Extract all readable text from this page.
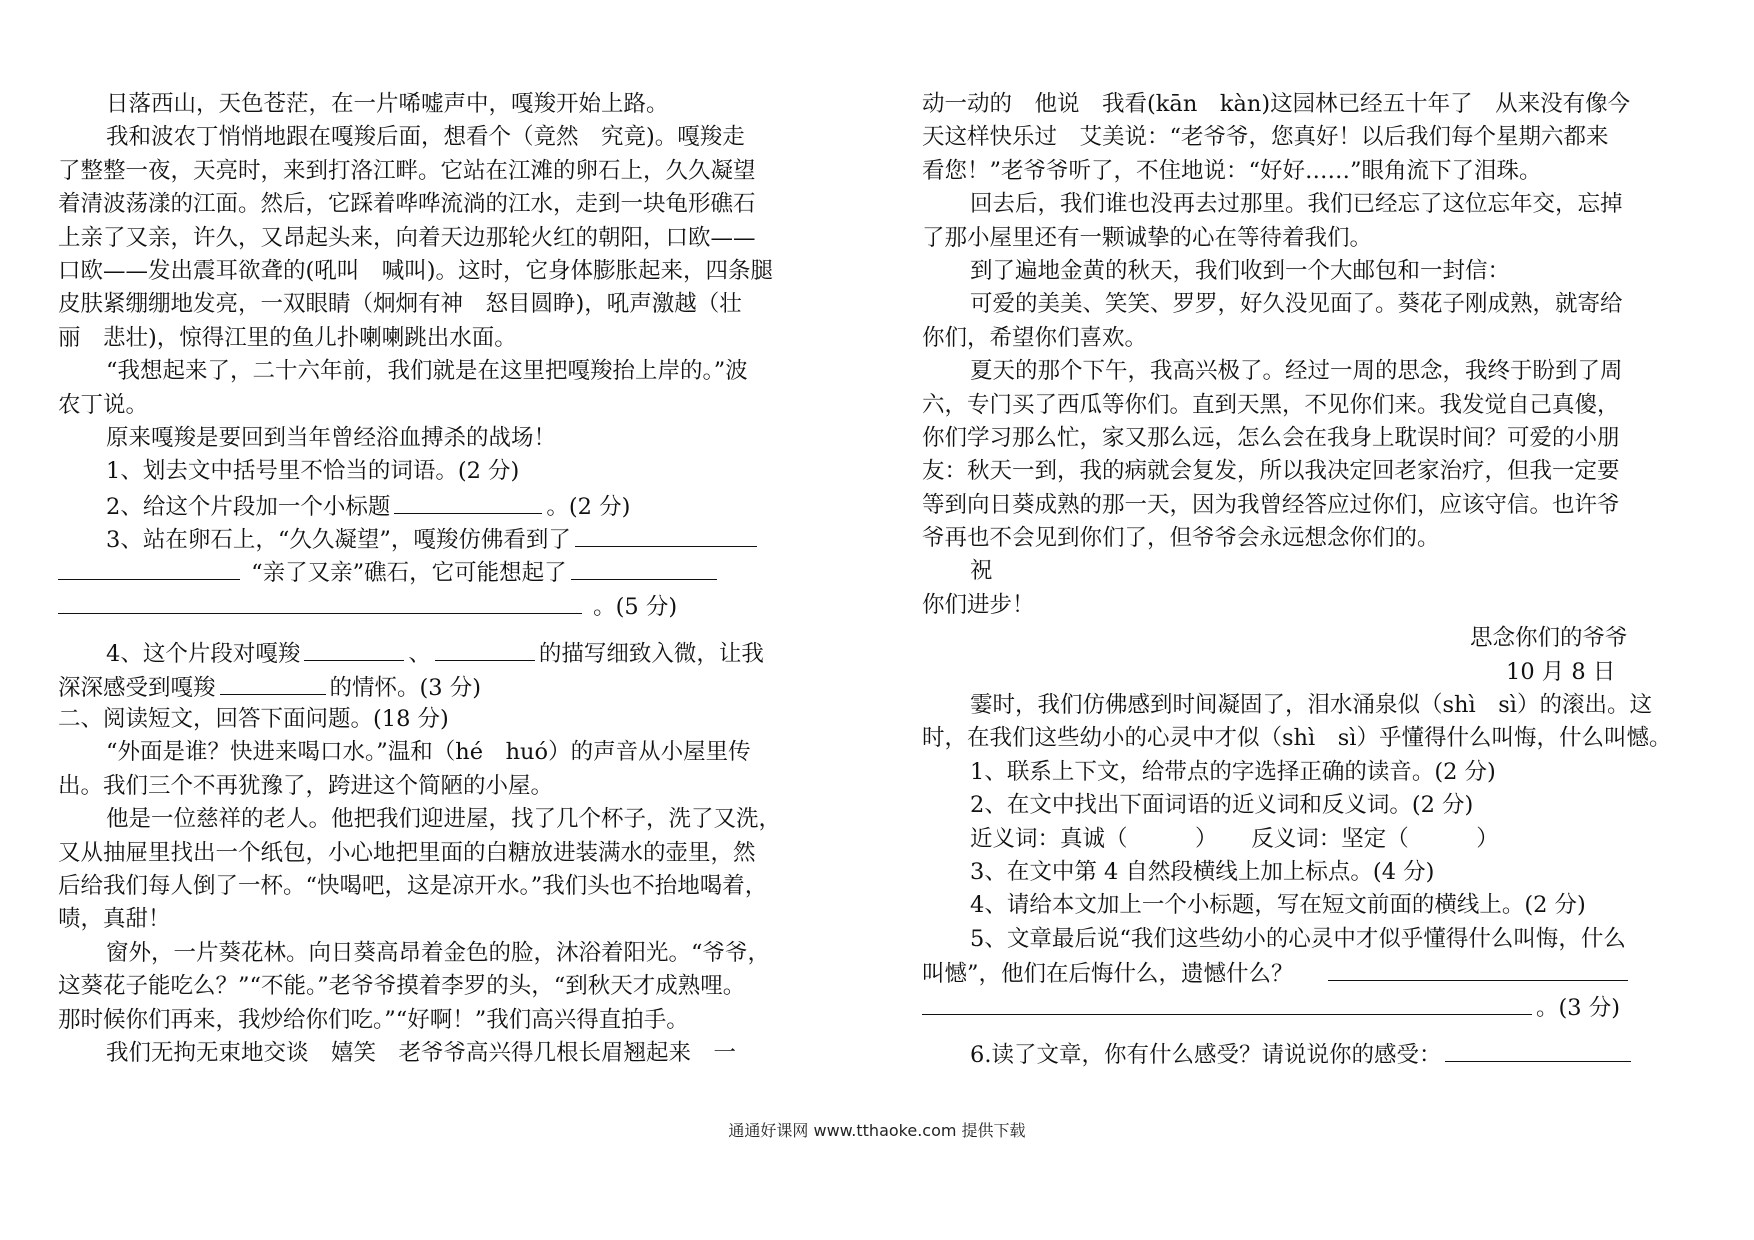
日落西山，天色苍茫，在一片唏嘘声中，嘎羧开始上路。
我和波农丁悄悄地跟在嘎羧后面，想看个（竟然　究竟)。嘎羧走
了整整一夜，天亮时，来到打洛江畔。它站在江滩的卵石上，久久凝望
着清波荡漾的江面。然后，它踩着哗哗流淌的江水，走到一块龟形礁石
上亲了又亲，许久，又昂起头来，向着天边那轮火红的朝阳，口欧——
口欧——发出震耳欲聋的(吼叫　喊叫)。这时，它身体膨胀起来，四条腿
皮肤紧绷绷地发亮，一双眼睛（炯炯有神　怒目圆睁)，吼声激越（壮
丽　悲壮)，惊得江里的鱼儿扑喇喇跳出水面。
“我想起来了，二十六年前，我们就是在这里把嘎羧抬上岸的。”波
农丁说。
原来嘎羧是要回到当年曾经浴血搏杀的战场！
1、划去文中括号里不恰当的词语。(2 分)
2、给这个片段加一个小标题	。(2 分)
3、站在卵石上，“久久凝望”，嘎羧仿佛看到了
“亲了又亲”礁石，它可能想起了
。(5 分)
4、这个片段对嘎羧	、	的描写细致入微，让我
深深感受到嘎羧	的情怀。(3 分)
二、阅读短文，回答下面问题。(18 分)
“外面是谁？快进来喝口水。”温和（hé　huó）的声音从小屋里传
出。我们三个不再犹豫了，跨进这个简陋的小屋。
他是一位慈祥的老人。他把我们迎进屋，找了几个杯子，洗了又洗，
又从抽屉里找出一个纸包，小心地把里面的白糖放进装满水的壶里，然
后给我们每人倒了一杯。“快喝吧，这是凉开水。”我们头也不抬地喝着，
啧，真甜！
窗外，一片葵花林。向日葵高昂着金色的脸，沐浴着阳光。“爷爷，
这葵花子能吃么？”“不能。”老爷爷摸着李罗的头，“到秋天才成熟哩。
那时候你们再来，我炒给你们吃。”“好啊！”我们高兴得直拍手。
我们无拘无束地交谈　嬉笑　老爷爷高兴得几根长眉翘起来　一
动一动的　他说　我看(kān　kàn)这园林已经五十年了　从来没有像今
天这样快乐过　艾美说：“老爷爷，您真好！以后我们每个星期六都来
看您！”老爷爷听了，不住地说：“好好……”眼角流下了泪珠。
回去后，我们谁也没再去过那里。我们已经忘了这位忘年交，忘掉
了那小屋里还有一颗诚挚的心在等待着我们。
到了遍地金黄的秋天，我们收到一个大邮包和一封信：
可爱的美美、笑笑、罗罗，好久没见面了。葵花子刚成熟，就寄给
你们，希望你们喜欢。
夏天的那个下午，我高兴极了。经过一周的思念，我终于盼到了周
六，专门买了西瓜等你们。直到天黑，不见你们来。我发觉自己真傻，
你们学习那么忙，家又那么远，怎么会在我身上耽误时间？可爱的小朋
友：秋天一到，我的病就会复发，所以我决定回老家治疗，但我一定要
等到向日葵成熟的那一天，因为我曾经答应过你们，应该守信。也许爷
爷再也不会见到你们了，但爷爷会永远想念你们的。
祝
你们进步！
思念你们的爷爷
10 月 8 日
霎时，我们仿佛感到时间凝固了，泪水涌泉似（shì　sì）的滚出。这
时，在我们这些幼小的心灵中才似（shì　sì）乎懂得什么叫悔，什么叫憾。
1、联系上下文，给带点的字选择正确的读音。(2 分)
2、在文中找出下面词语的近义词和反义词。(2 分)
近义词：真诚（　　　）　　反义词：坚定（　　　）
3、在文中第 4 自然段横线上加上标点。(4 分)
4、请给本文加上一个小标题，写在短文前面的横线上。(2 分)
5、文章最后说“我们这些幼小的心灵中才似乎懂得什么叫悔，什么
叫憾”，他们在后悔什么，遗憾什么？
。(3 分)
6.读了文章，你有什么感受？请说说你的感受：
通通好课网 www.tthaoke.com 提供下载
